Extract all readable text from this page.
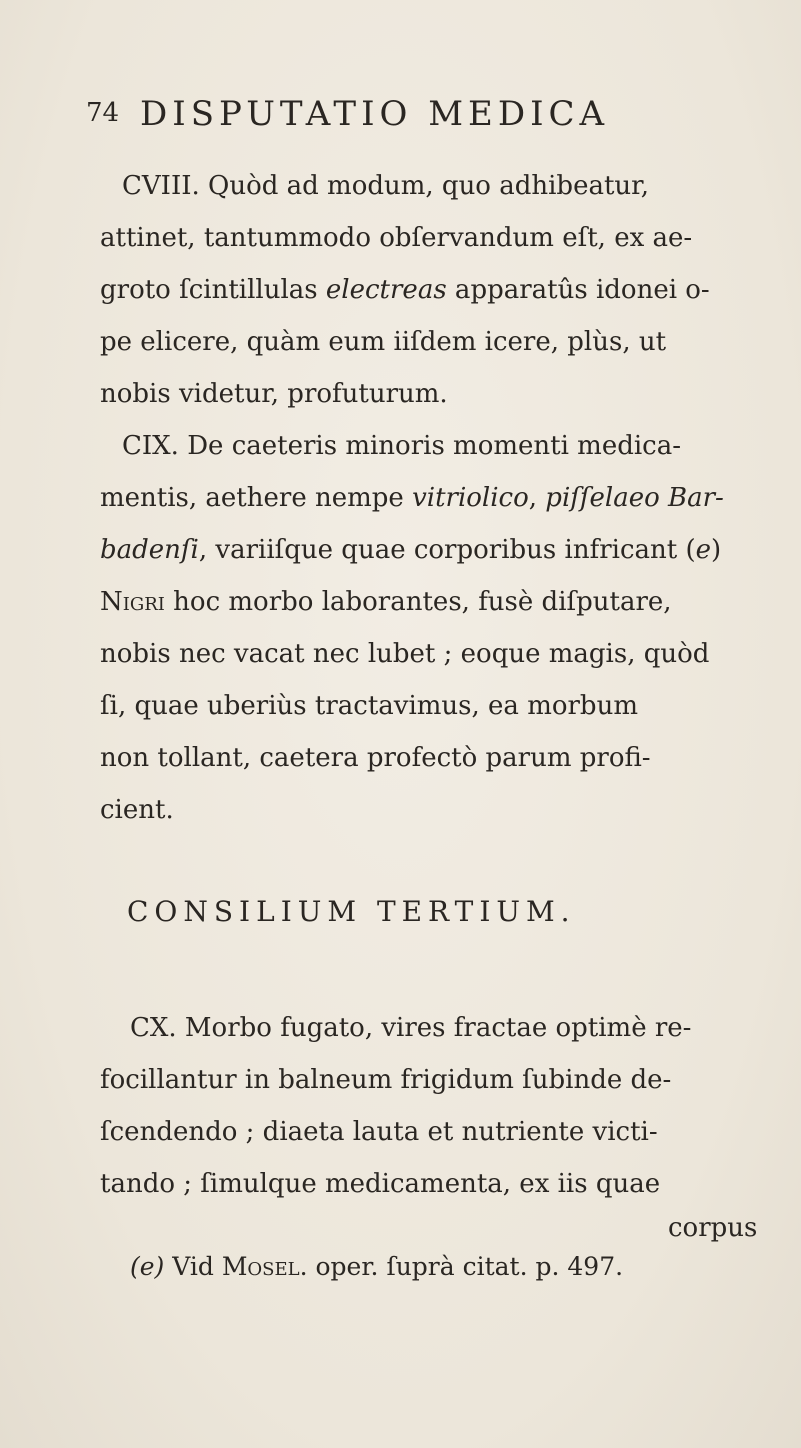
74 DISPUTATIO MEDICA
CVIII. Quòd ad modum, quo adhibeatur,
attinet, tantummodo obſervandum eſt, ex ae-
groto ſcintillulas electreas apparatûs idonei o-
pe elicere, quàm eum iiſdem icere, plùs, ut
nobis videtur, profuturum.
CIX. De caeteris minoris momenti medica-
mentis, aethere nempe vitriolico, piſſelaeo Bar-
badenſi, variiſque quae corporibus infricant (e)
Nigri hoc morbo laborantes, fusè diſputare,
nobis nec vacat nec lubet ; eoque magis, quòd
ſi, quae uberiùs tractavimus, ea morbum
non tollant, caetera profectò parum profi-
cient.
CONSILIUM TERTIUM.
CX. Morbo fugato, vires fractae optimè re-
focillantur in balneum frigidum ſubinde de-
ſcendendo ; diaeta lauta et nutriente victi-
tando ; ſimulque medicamenta, ex iis quae
corpus
(e) Vid Mosel. oper. ſuprà citat. p. 497.
